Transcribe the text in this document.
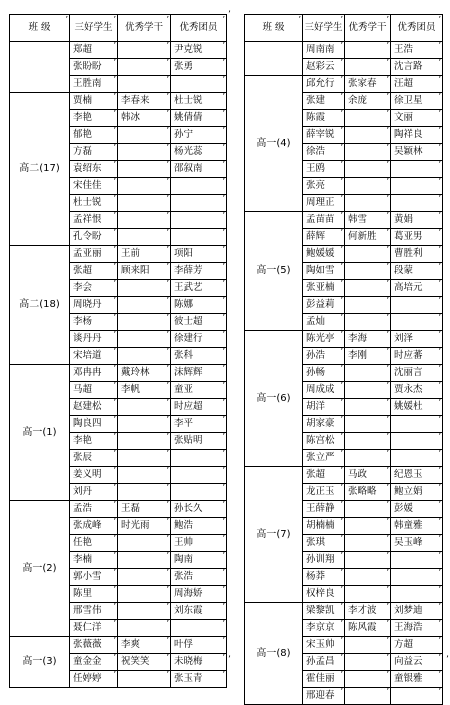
班 级 ’	三好学生 ’	优秀学干 ’	优秀团员 ’
	郑超 ’	’	尹克锐 ’
	张盼盼 ’	’	张勇 ’
	王胜南 ’	’	’
高二(17)	贾楠 ’	李春来 ’	杜士锐 ’
	李艳 ’	韩冰 ’	姚倩倩 ’
	郁艳 ’	’	孙宁 ’
	方磊 ’	’	杨光蕊 ’
	袁绍东 ’	’	邵叙南 ’
	宋佳佳 ’	’	’
	杜士锐 ’	’	’
	孟祥恨 ’	’	’
	孔令盼 ’	’	’
高二(18)	孟亚丽 ’	王前 ’	项阳 ’
	张超 ’	顾来阳 ’	李薛芳 ’
	李会 ’	’	王武艺 ’
	周晓丹 ’	’	陈娜 ’
	李杨 ’	’	彼士超 ’
	谈丹丹 ’	’	徐建行 ’
	宋培道 ’	’	张科 ’
高一(1)	邓冉冉 ’	戴玲林 ’	沫辉辉 ’
	马超 ’	李帆 ’	童亚 ’
	赵建松 ’	’	时应超 ’
	陶良四 ’	’	李平 ’
	李艳 ’	’	张贴明 ’
	张辰 ’	’	’
	姜义明 ’	’	’
	刘丹 ’	’	’
高一(2)	孟浩 ’	王磊 ’	孙长久 ’
	张成峰 ’	时光雨 ’	鲍浩 ’
	任艳 ’	’	王帅 ’
	李楠 ’	’	陶南 ’
	郭小雪 ’	’	张浩 ’
	陈里 ’	’	周海娇 ’
	邢雪伟 ’	’	刘东霞 ’
	聂仁洋 ’	’	’
高一(3)	张薇薇 ’	李爽 ’	叶俘 ’
	童金金 ’	祝笑笑 ’	未晓梅 ’
	任婷婷 ’	’	张玉青 ’
班 级 ’	三好学生 ’	优秀学干 ’	优秀团员 ’
	周南南 ’	’	王浩 ’
	赵彩云 ’	’	沈言路 ’
高一(4)	邱允行 ’	张家春 ’	汪超 ’
	张建 ’	余庞 ’	徐卫星 ’
	陈霞 ’	’	文丽 ’
	薛宰锐 ’	’	陶祥良 ’
	徐浩 ’	’	吴颖林 ’
	王鸥 ’	’	’
	张亮 ’	’	’
	周理正 ’	’	’
高一(5)	孟苗苗 ’	韩雪 ’	黄娟 ’
	薛辉 ’	何新胜 ’	葛亚男 ’
	鲍媛媛 ’	’	曹胜利 ’
	陶如雪 ’	’	段蒙 ’
	张亚楠 ’	’	高培元 ’
	彭益莉 ’	’	’
	孟灿 ’	’	’
高一(6)	陈光亭 ’	李海 ’	刘泽 ’
	孙浩 ’	李刚 ’	时应蕃 ’
	孙畅 ’	’	沈丽言 ’
	周成成 ’	’	贾永杰 ’
	胡洋 ’	’	姚媛杜 ’
	胡家豪 ’	’	’
	陈宫松 ’	’	’
	张立严 ’	’	’
高一(7)	张超 ’	马政 ’	纪恩玉 ’
	龙正玉 ’	张略略 ’	鲍立娟 ’
	王薛静 ’	’	彭媛 ’
	胡楠楠 ’	’	韩童雅 ’
	张琪 ’	’	吴玉峰 ’
	孙训翔 ’	’	’
	杨莽 ’	’	’
	权梓良 ’	’	’
高一(8)	梁黎凯 ’	李才波 ’	刘梦迪 ’
	李京京 ’	陈风霞 ’	王海浩 ’
	宋玉帅 ’	’	方超 ’
	孙孟昌 ’	’	向益云 ’
	霍佳丽 ’	’	童银雅 ’
	邢迎春 ’	’	’
’
’	’
